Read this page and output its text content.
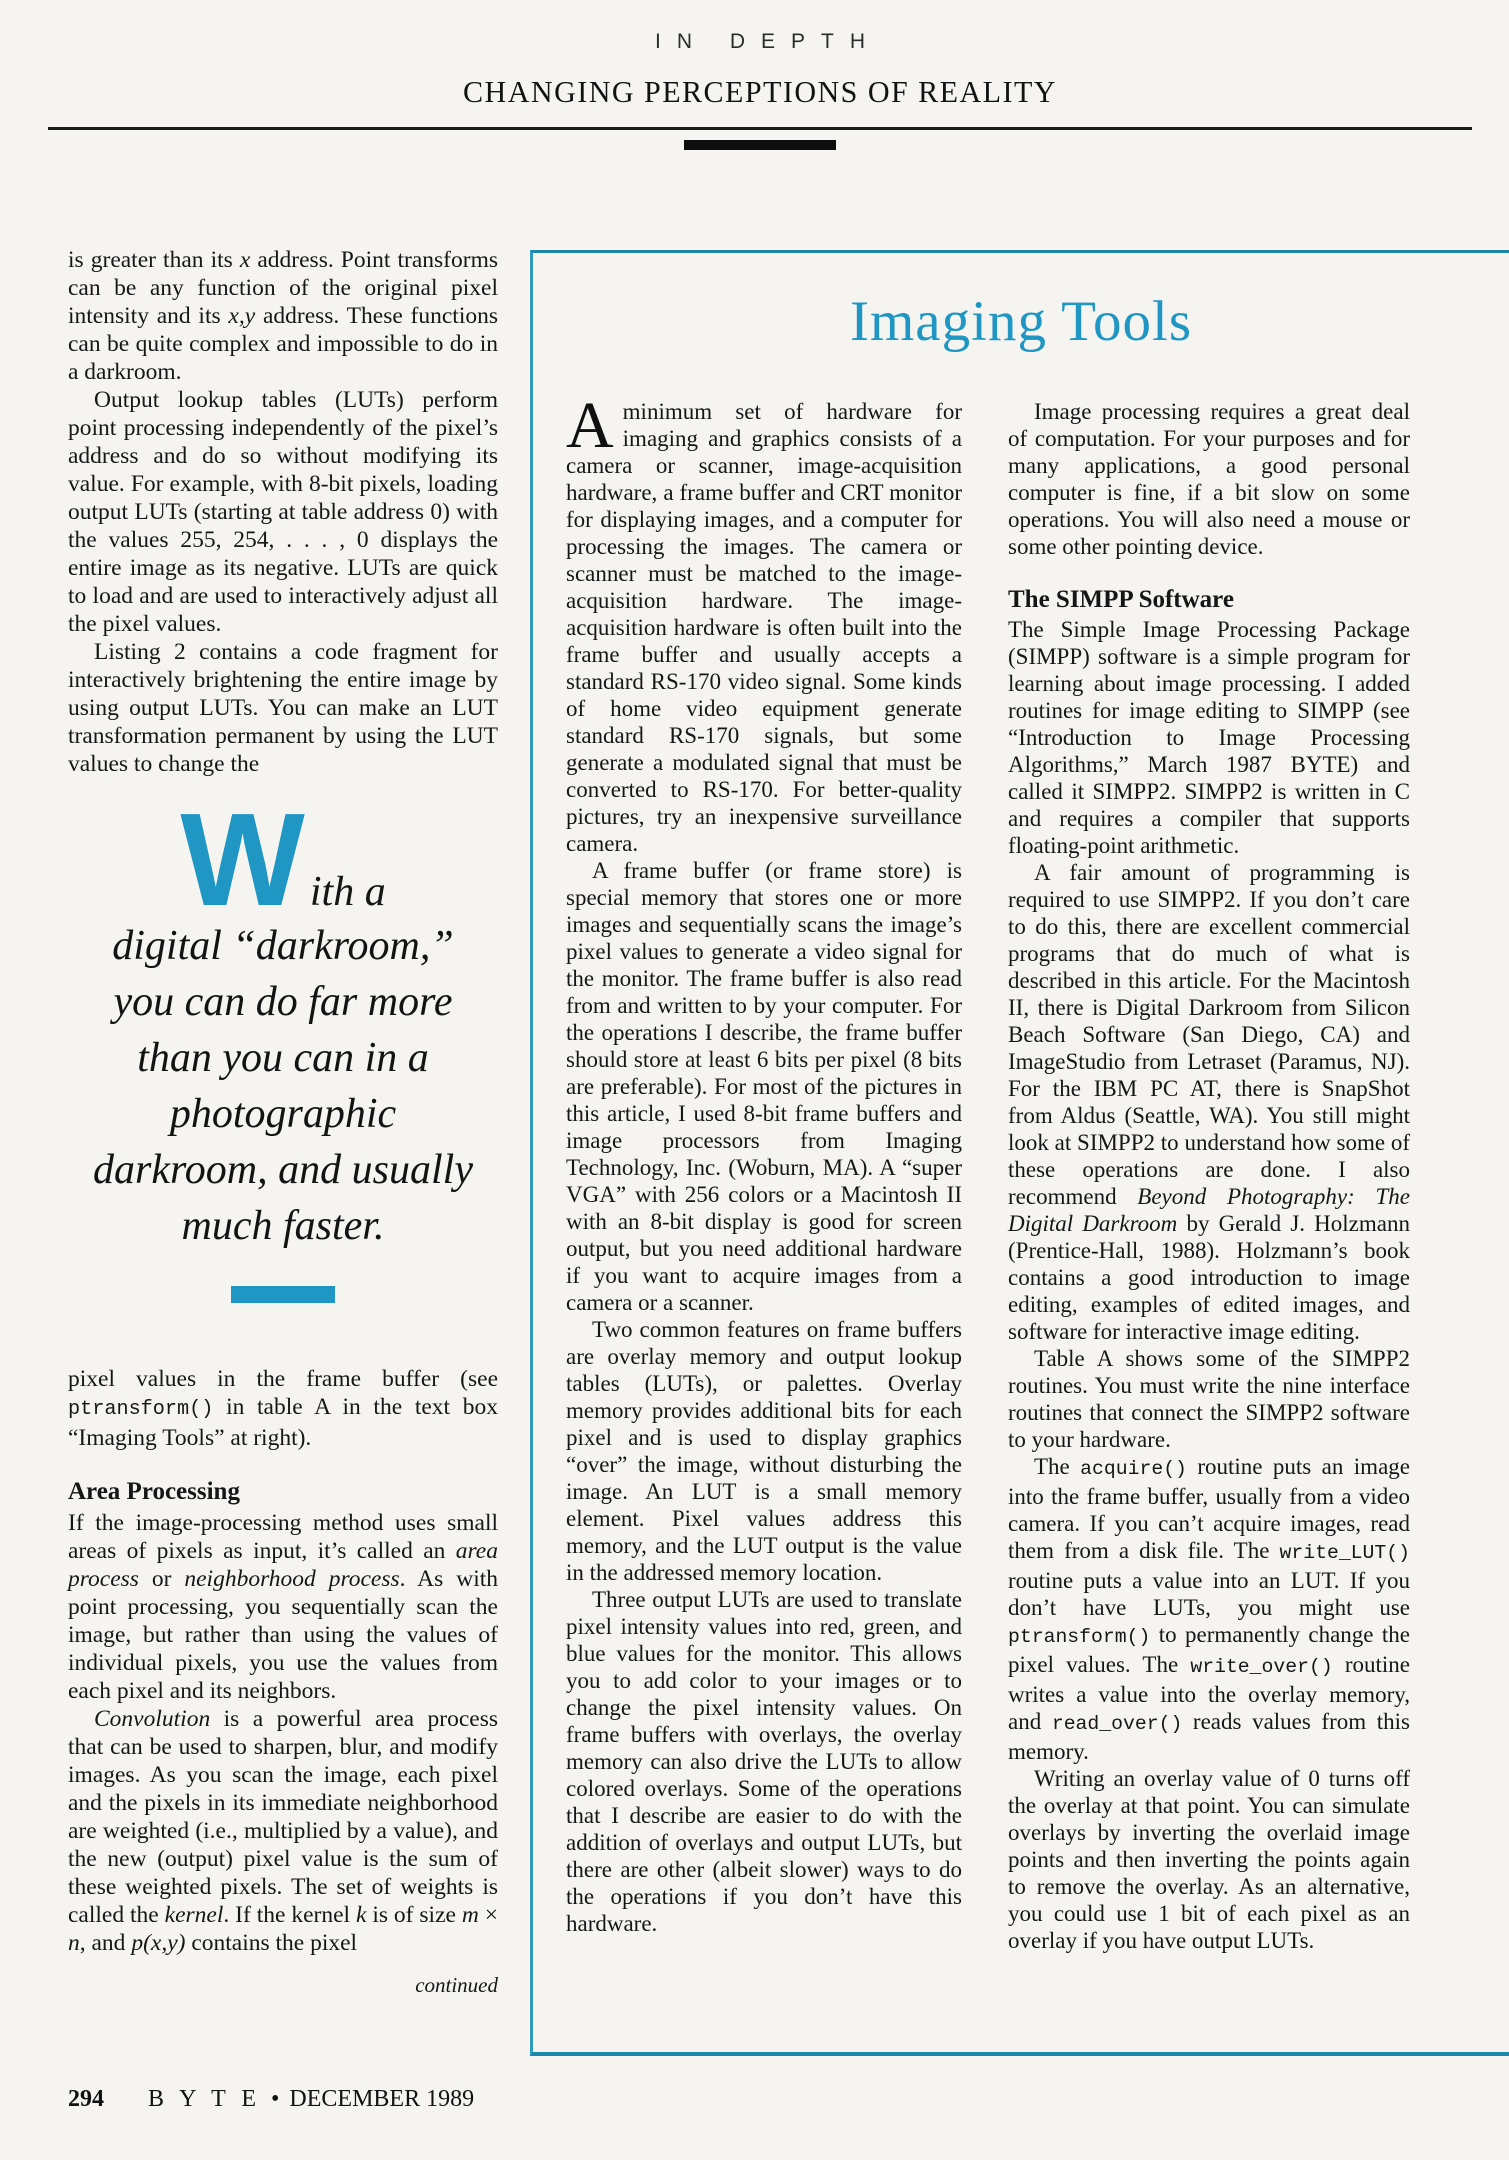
IN DEPTH
CHANGING PERCEPTIONS OF REALITY

is greater than its x address. Point transforms can be any function of the original pixel intensity and its x,y address. These functions can be quite complex and impossible to do in a darkroom.

Output lookup tables (LUTs) perform point processing independently of the pixel’s address and do so without modifying its value. For example, with 8-bit pixels, loading output LUTs (starting at table address 0) with the values 255, 254, . . . , 0 displays the entire image as its negative. LUTs are quick to load and are used to interactively adjust all the pixel values.

Listing 2 contains a code fragment for interactively brightening the entire image by using output LUTs. You can make an LUT transformation permanent by using the LUT values to change the

With a
digital “darkroom,”
you can do far more
than you can in a
photographic
darkroom, and usually
much faster.

pixel values in the frame buffer (see ptransform() in table A in the text box “Imaging Tools” at right).

Area Processing

If the image-processing method uses small areas of pixels as input, it’s called an area process or neighborhood process. As with point processing, you sequentially scan the image, but rather than using the values of individual pixels, you use the values from each pixel and its neighbors.

Convolution is a powerful area process that can be used to sharpen, blur, and modify images. As you scan the image, each pixel and the pixels in its immediate neighborhood are weighted (i.e., multiplied by a value), and the new (output) pixel value is the sum of these weighted pixels. The set of weights is called the kernel. If the kernel k is of size m × n, and p(x,y) contains the pixel

continued
Imaging Tools

Aminimum set of hardware for imaging and graphics consists of a camera or scanner, image-acquisition hardware, a frame buffer and CRT monitor for displaying images, and a computer for processing the images. The camera or scanner must be matched to the image-acquisition hardware. The image-acquisition hardware is often built into the frame buffer and usually accepts a standard RS-170 video signal. Some kinds of home video equipment generate standard RS-170 signals, but some generate a modulated signal that must be converted to RS-170. For better-quality pictures, try an inexpensive surveillance camera.

A frame buffer (or frame store) is special memory that stores one or more images and sequentially scans the image’s pixel values to generate a video signal for the monitor. The frame buffer is also read from and written to by your computer. For the operations I describe, the frame buffer should store at least 6 bits per pixel (8 bits are preferable). For most of the pictures in this article, I used 8-bit frame buffers and image processors from Imaging Technology, Inc. (Woburn, MA). A “super VGA” with 256 colors or a Macintosh II with an 8-bit display is good for screen output, but you need additional hardware if you want to acquire images from a camera or a scanner.

Two common features on frame buffers are overlay memory and output lookup tables (LUTs), or palettes. Overlay memory provides additional bits for each pixel and is used to display graphics “over” the image, without disturbing the image. An LUT is a small memory element. Pixel values address this memory, and the LUT output is the value in the addressed memory location.

Three output LUTs are used to translate pixel intensity values into red, green, and blue values for the monitor. This allows you to add color to your images or to change the pixel intensity values. On frame buffers with overlays, the overlay memory can also drive the LUTs to allow colored overlays. Some of the operations that I describe are easier to do with the addition of overlays and output LUTs, but there are other (albeit slower) ways to do the operations if you don’t have this hardware.

Image processing requires a great deal of computation. For your purposes and for many applications, a good personal computer is fine, if a bit slow on some operations. You will also need a mouse or some other pointing device.

The SIMPP Software

The Simple Image Processing Package (SIMPP) software is a simple program for learning about image processing. I added routines for image editing to SIMPP (see “Introduction to Image Processing Algorithms,” March 1987 BYTE) and called it SIMPP2. SIMPP2 is written in C and requires a compiler that supports floating-point arithmetic.

A fair amount of programming is required to use SIMPP2. If you don’t care to do this, there are excellent commercial programs that do much of what is described in this article. For the Macintosh II, there is Digital Darkroom from Silicon Beach Software (San Diego, CA) and ImageStudio from Letraset (Paramus, NJ). For the IBM PC AT, there is SnapShot from Aldus (Seattle, WA). You still might look at SIMPP2 to understand how some of these operations are done. I also recommend Beyond Photography: The Digital Darkroom by Gerald J. Holzmann (Prentice-Hall, 1988). Holzmann’s book contains a good introduction to image editing, examples of edited images, and software for interactive image editing.

Table A shows some of the SIMPP2 routines. You must write the nine interface routines that connect the SIMPP2 software to your hardware.

The acquire() routine puts an image into the frame buffer, usually from a video camera. If you can’t acquire images, read them from a disk file. The write_LUT() routine puts a value into an LUT. If you don’t have LUTs, you might use ptransform() to permanently change the pixel values. The write_over() routine writes a value into the overlay memory, and read_over() reads values from this memory.

Writing an overlay value of 0 turns off the overlay at that point. You can simulate overlays by inverting the overlaid image points and then inverting the points again to remove the overlay. As an alternative, you could use 1 bit of each pixel as an overlay if you have output LUTs.

294 B Y T E • DECEMBER 1989
